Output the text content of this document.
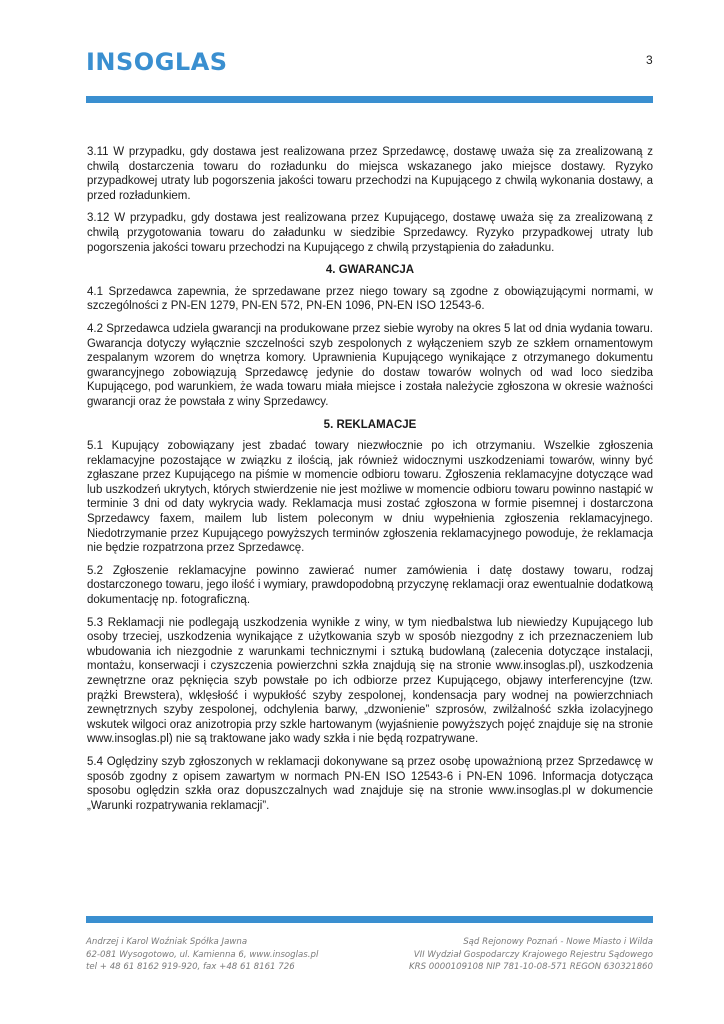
INSOGLAS	3

3.11 W przypadku, gdy dostawa jest realizowana przez Sprzedawcę, dostawę uważa się za zrealizowaną z chwilą dostarczenia towaru do rozładunku do miejsca wskazanego jako miejsce dostawy. Ryzyko przypadkowej utraty lub pogorszenia jakości towaru przechodzi na Kupującego z chwilą wykonania dostawy, a przed rozładunkiem.

3.12 W przypadku, gdy dostawa jest realizowana przez Kupującego, dostawę uważa się za zrealizowaną z chwilą przygotowania towaru do załadunku w siedzibie Sprzedawcy. Ryzyko przypadkowej utraty lub pogorszenia jakości towaru przechodzi na Kupującego z chwilą przystąpienia do załadunku.

4. GWARANCJA

4.1 Sprzedawca zapewnia, że sprzedawane przez niego towary są zgodne z obowiązującymi normami, w szczególności z PN-EN 1279, PN-EN 572, PN-EN 1096, PN-EN ISO 12543-6.

4.2 Sprzedawca udziela gwarancji na produkowane przez siebie wyroby na okres 5 lat od dnia wydania towaru. Gwarancja dotyczy wyłącznie szczelności szyb zespolonych z wyłączeniem szyb ze szkłem ornamentowym zespalanym wzorem do wnętrza komory. Uprawnienia Kupującego wynikające z otrzymanego dokumentu gwarancyjnego zobowiązują Sprzedawcę jedynie do dostaw towarów wolnych od wad loco siedziba Kupującego, pod warunkiem, że wada towaru miała miejsce i została należycie zgłoszona w okresie ważności gwarancji oraz że powstała z winy Sprzedawcy.

5. REKLAMACJE

5.1 Kupujący zobowiązany jest zbadać towary niezwłocznie po ich otrzymaniu. Wszelkie zgłoszenia reklamacyjne pozostające w związku z ilością, jak również widocznymi uszkodzeniami towarów, winny być zgłaszane przez Kupującego na piśmie w momencie odbioru towaru. Zgłoszenia reklamacyjne dotyczące wad lub uszkodzeń ukrytych, których stwierdzenie nie jest możliwe w momencie odbioru towaru powinno nastąpić w terminie 3 dni od daty wykrycia wady. Reklamacja musi zostać zgłoszona w formie pisemnej i dostarczona Sprzedawcy faxem, mailem lub listem poleconym w dniu wypełnienia zgłoszenia reklamacyjnego. Niedotrzymanie przez Kupującego powyższych terminów zgłoszenia reklamacyjnego powoduje, że reklamacja nie będzie rozpatrzona przez Sprzedawcę.

5.2 Zgłoszenie reklamacyjne powinno zawierać numer zamówienia i datę dostawy towaru, rodzaj dostarczonego towaru, jego ilość i wymiary, prawdopodobną przyczynę reklamacji oraz ewentualnie dodatkową dokumentację np. fotograficzną.

5.3 Reklamacji nie podlegają uszkodzenia wynikłe z winy, w tym niedbalstwa lub niewiedzy Kupującego lub osoby trzeciej, uszkodzenia wynikające z użytkowania szyb w sposób niezgodny z ich przeznaczeniem lub wbudowania ich niezgodnie z warunkami technicznymi i sztuką budowlaną (zalecenia dotyczące instalacji, montażu, konserwacji i czyszczenia powierzchni szkła znajdują się na stronie www.insoglas.pl), uszkodzenia zewnętrzne oraz pęknięcia szyb powstałe po ich odbiorze przez Kupującego, objawy interferencyjne (tzw. prążki Brewstera), wklęsłość i wypukłość szyby zespolonej, kondensacja pary wodnej na powierzchniach zewnętrznych szyby zespolonej, odchylenia barwy, „dzwonienie” szprosów, zwilżalność szkła izolacyjnego wskutek wilgoci oraz anizotropia przy szkle hartowanym (wyjaśnienie powyższych pojęć znajduje się na stronie www.insoglas.pl) nie są traktowane jako wady szkła i nie będą rozpatrywane.

5.4 Oględziny szyb zgłoszonych w reklamacji dokonywane są przez osobę upoważnioną przez Sprzedawcę w sposób zgodny z opisem zawartym w normach PN-EN ISO 12543-6 i PN-EN 1096. Informacja dotycząca sposobu oględzin szkła oraz dopuszczalnych wad znajduje się na stronie www.insoglas.pl w dokumencie „Warunki rozpatrywania reklamacji”.

Andrzej i Karol Woźniak Spółka Jawna
62-081 Wysogotowo, ul. Kamienna 6, www.insoglas.pl
tel + 48 61 8162 919-920, fax +48 61 8161 726
Sąd Rejonowy Poznań - Nowe Miasto i Wilda
VII Wydział Gospodarczy Krajowego Rejestru Sądowego
KRS 0000109108 NIP 781-10-08-571 REGON 630321860
